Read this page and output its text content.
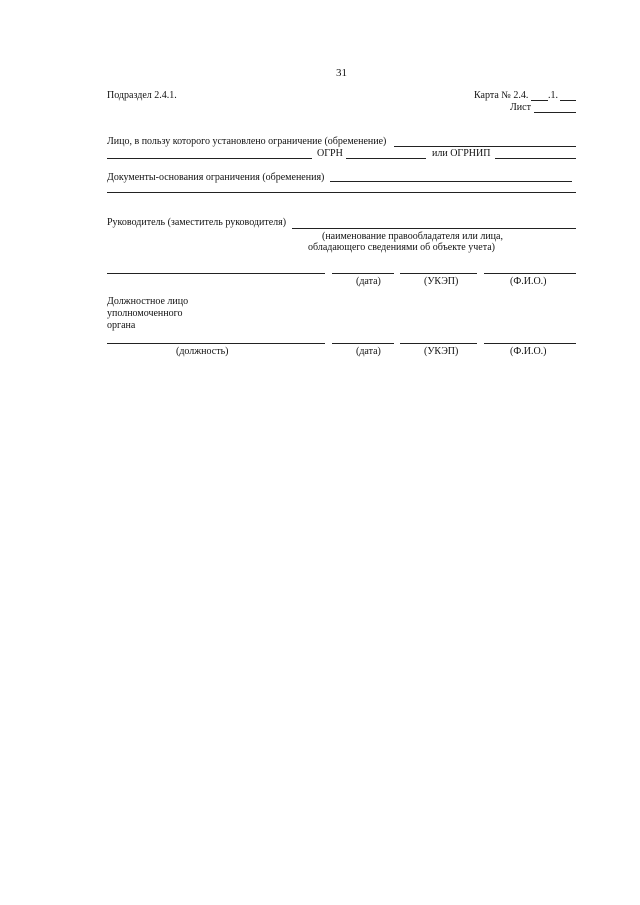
31
Подраздел 2.4.1.	Карта № 2.4. .1.
Лист
Лицо, в пользу которого установлено ограничение (обременение)
ОГРН	или ОГРНИП
Документы-основания ограничения (обременения)
Руководитель (заместитель руководителя)
(наименование правообладателя или лица,
обладающего сведениями об объекте учета)
(дата)	(УКЭП)	(Ф.И.О.)
Должностное лицо
уполномоченного
органа
(должность)	(дата)	(УКЭП)	(Ф.И.О.)
